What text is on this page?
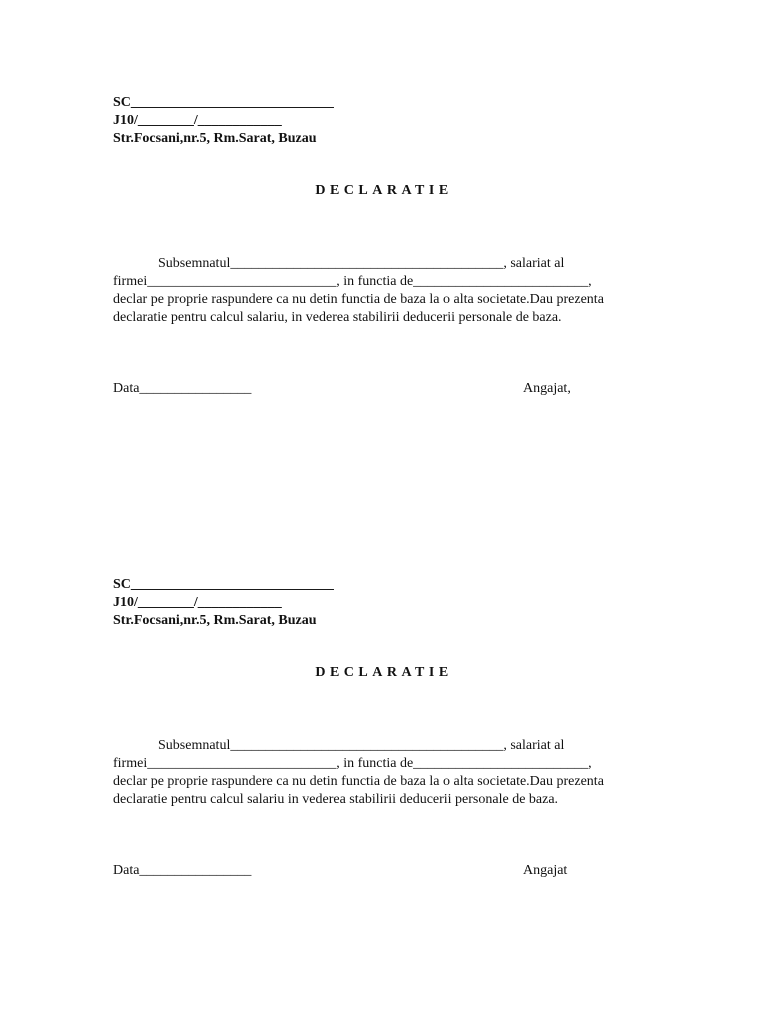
SC_____________________________
J10/________/____________
Str.Focsani,nr.5, Rm.Sarat, Buzau
DECLARATIE
Subsemnatul_______________________________________, salariat al
firmei___________________________, in functia de_________________________,
declar pe proprie raspundere ca nu detin functia de baza la o alta societate.Dau prezenta
declaratie pentru calcul salariu, in vederea stabilirii deducerii personale de baza.
Data________________	Angajat,
SC_____________________________
J10/________/____________
Str.Focsani,nr.5, Rm.Sarat, Buzau
DECLARATIE
Subsemnatul_______________________________________, salariat al
firmei___________________________, in functia de_________________________,
declar pe proprie raspundere ca nu detin functia de baza la o alta societate.Dau prezenta
declaratie pentru calcul salariu in vederea stabilirii deducerii personale de baza.
Data________________	Angajat
